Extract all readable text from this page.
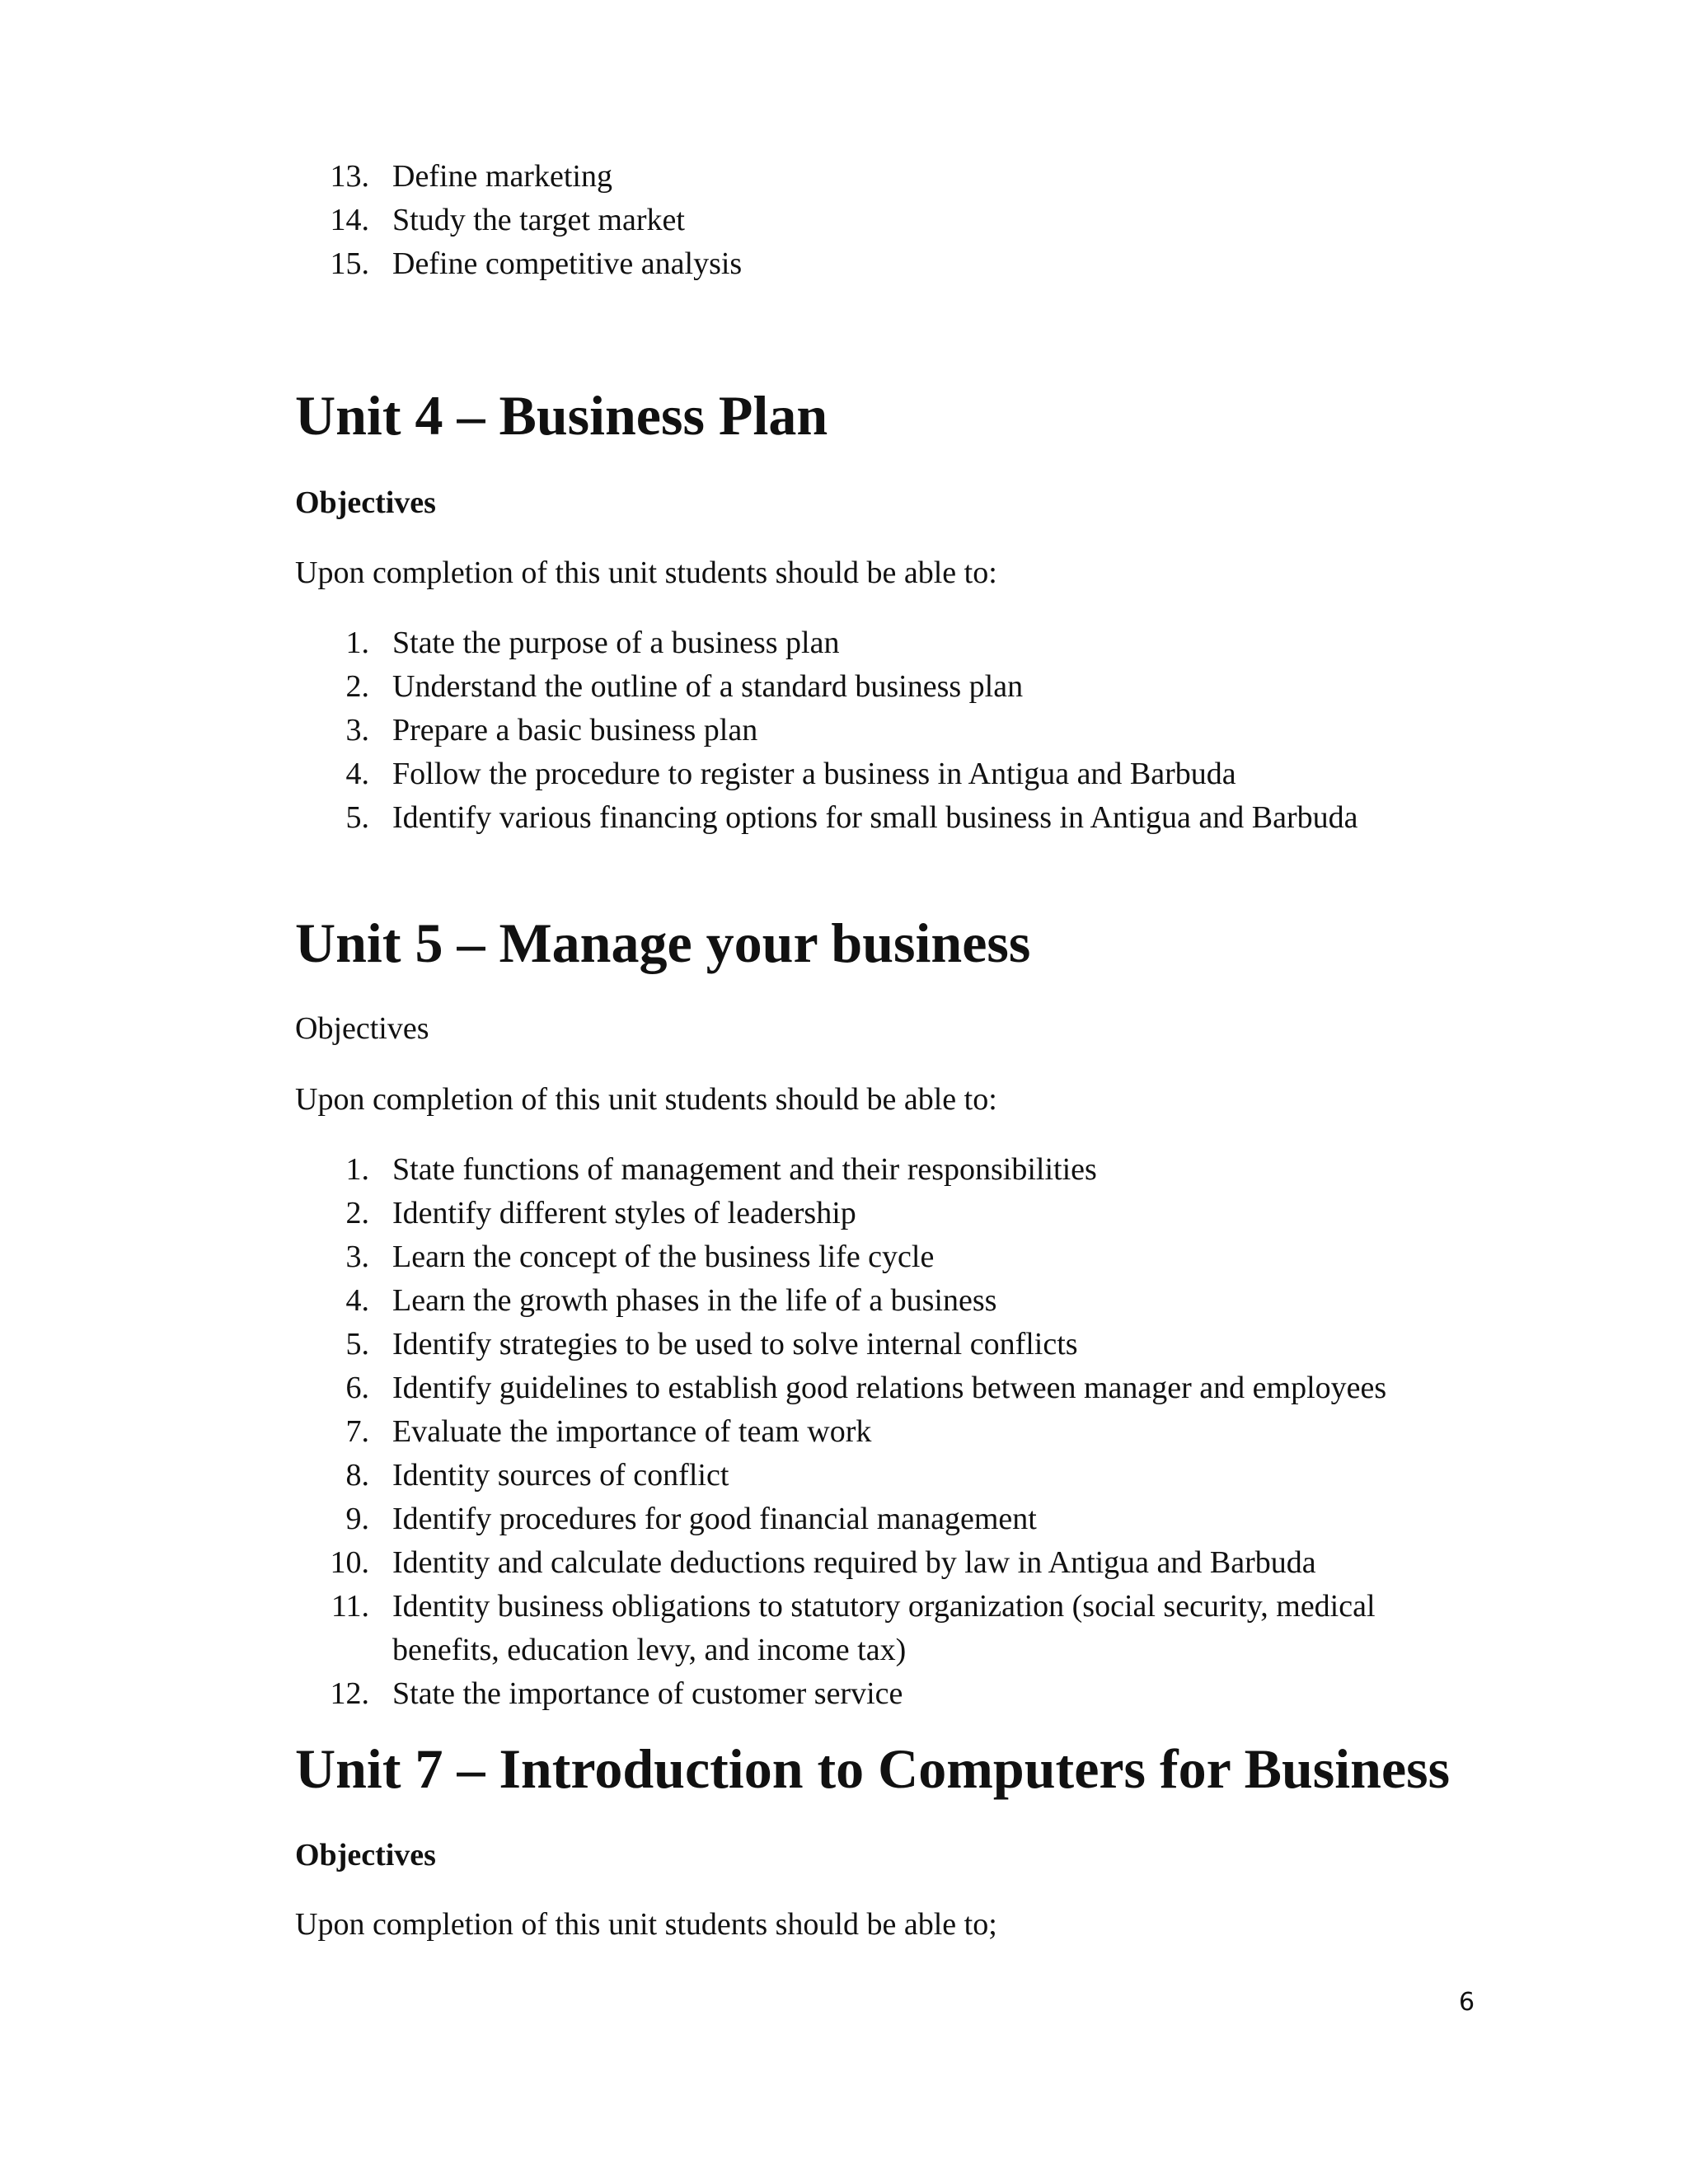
13. Define marketing
14. Study the target market
15. Define competitive analysis
Unit 4 – Business Plan

Objectives

Upon completion of this unit students should be able to:

1. State the purpose of a business plan
2. Understand the outline of a standard business plan
3. Prepare a basic business plan
4. Follow the procedure to register a business in Antigua and Barbuda
5. Identify various financing options for small business in Antigua and Barbuda
Unit 5 – Manage your business

Objectives

Upon completion of this unit students should be able to:

1. State functions of management and their responsibilities
2. Identify different styles of leadership
3. Learn the concept of the business life cycle
4. Learn the growth phases in the life of a business
5. Identify strategies to be used to solve internal conflicts
6. Identify guidelines to establish good relations between manager and employees
7. Evaluate the importance of team work
8. Identity sources of conflict
9. Identify procedures for good financial management
10. Identity and calculate deductions required by law in Antigua and Barbuda
11. Identity business obligations to statutory organization (social security, medical benefits, education levy, and income tax)
12. State the importance of customer service
Unit 7 – Introduction to Computers for Business

Objectives

Upon completion of this unit students should be able to;

6
